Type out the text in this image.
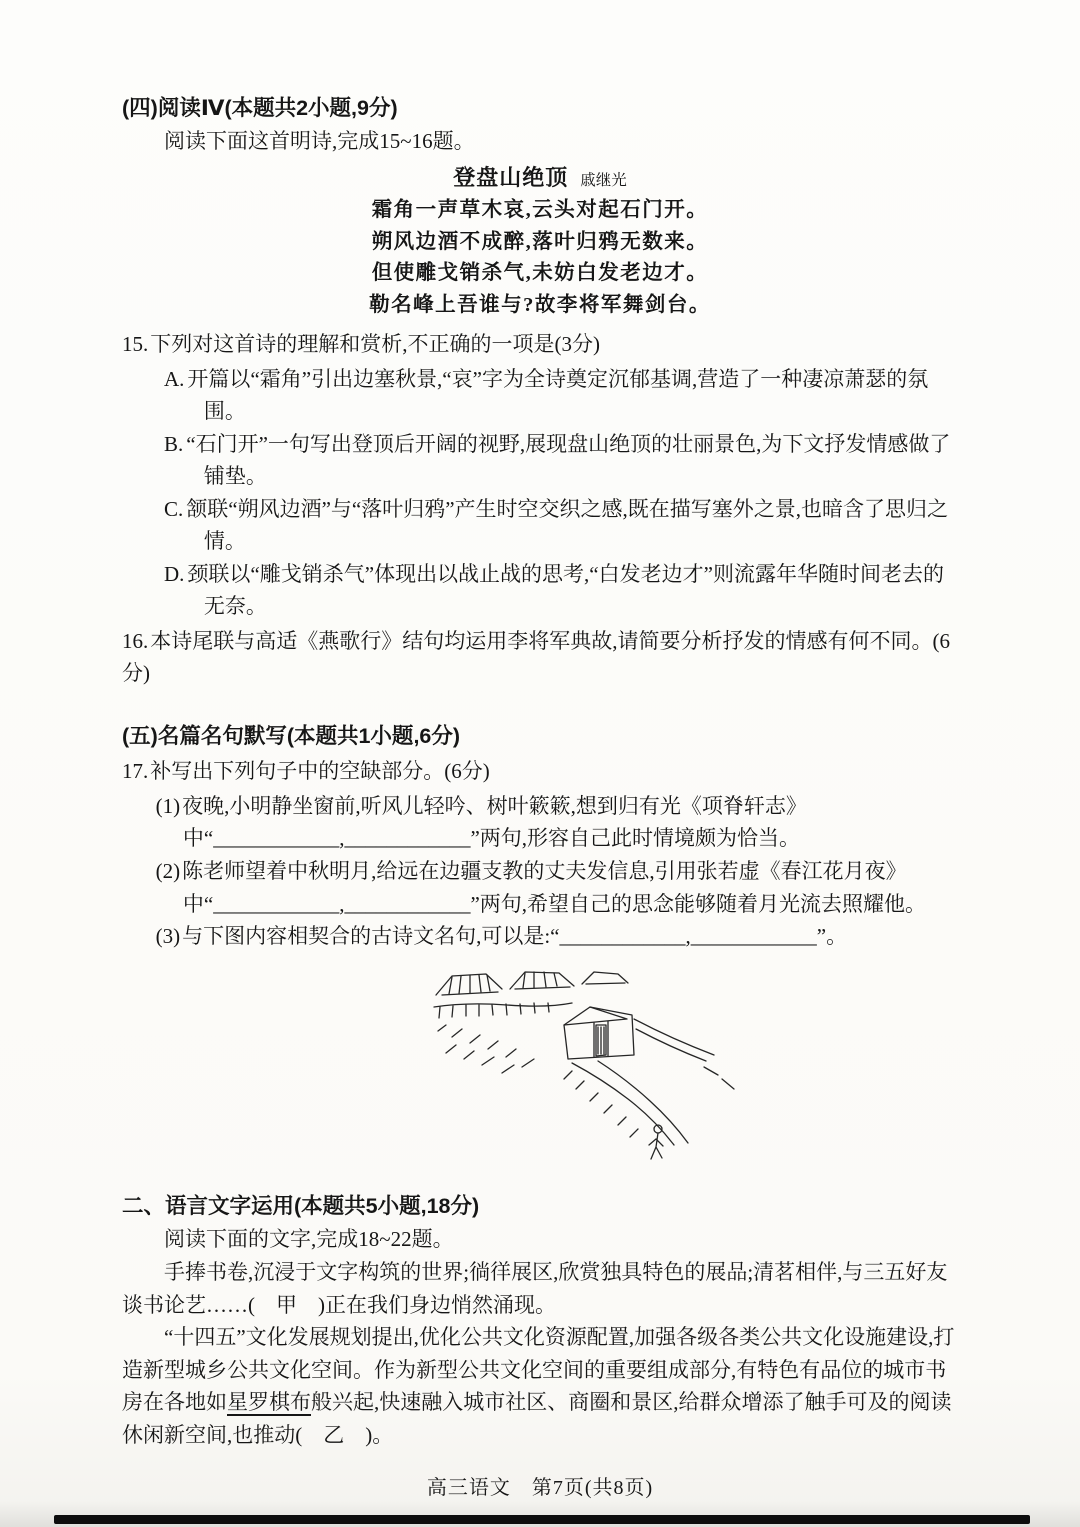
(四)阅读Ⅳ(本题共2小题,9分)

阅读下面这首明诗,完成15~16题。

登盘山绝顶 戚继光
霜角一声草木哀,云头对起石门开。
朔风边酒不成醉,落叶归鸦无数来。
但使雕戈销杀气,未妨白发老边才。
勒名峰上吾谁与?故李将军舞剑台。

15.下列对这首诗的理解和赏析,不正确的一项是(3分)

A. 开篇以“霜角”引出边塞秋景,“哀”字为全诗奠定沉郁基调,营造了一种凄凉萧瑟的氛围。
B. “石门开”一句写出登顶后开阔的视野,展现盘山绝顶的壮丽景色,为下文抒发情感做了铺垫。
C. 颔联“朔风边酒”与“落叶归鸦”产生时空交织之感,既在描写塞外之景,也暗含了思归之情。
D. 颈联以“雕戈销杀气”体现出以战止战的思考,“白发老边才”则流露年华随时间老去的无奈。

16.本诗尾联与高适《燕歌行》结句均运用李将军典故,请简要分析抒发的情感有何不同。(6分)

(五)名篇名句默写(本题共1小题,6分)

17.补写出下列句子中的空缺部分。(6分)

(1)夜晚,小明静坐窗前,听风儿轻吟、树叶簌簌,想到归有光《项脊轩志》中“____________,____________”两句,形容自己此时情境颇为恰当。
(2)陈老师望着中秋明月,给远在边疆支教的丈夫发信息,引用张若虚《春江花月夜》中“____________,____________”两句,希望自己的思念能够随着月光流去照耀他。
(3)与下图内容相契合的古诗文名句,可以是:“____________,____________”。
二、语言文字运用(本题共5小题,18分)

阅读下面的文字,完成18~22题。

手捧书卷,沉浸于文字构筑的世界;徜徉展区,欣赏独具特色的展品;清茗相伴,与三五好友谈书论艺……(　甲　)正在我们身边悄然涌现。

“十四五”文化发展规划提出,优化公共文化资源配置,加强各级各类公共文化设施建设,打造新型城乡公共文化空间。作为新型公共文化空间的重要组成部分,有特色有品位的城市书房在各地如星罗棋布般兴起,快速融入城市社区、商圈和景区,给群众增添了触手可及的阅读休闲新空间,也推动(　乙　)。

高三语文　第7页(共8页)
